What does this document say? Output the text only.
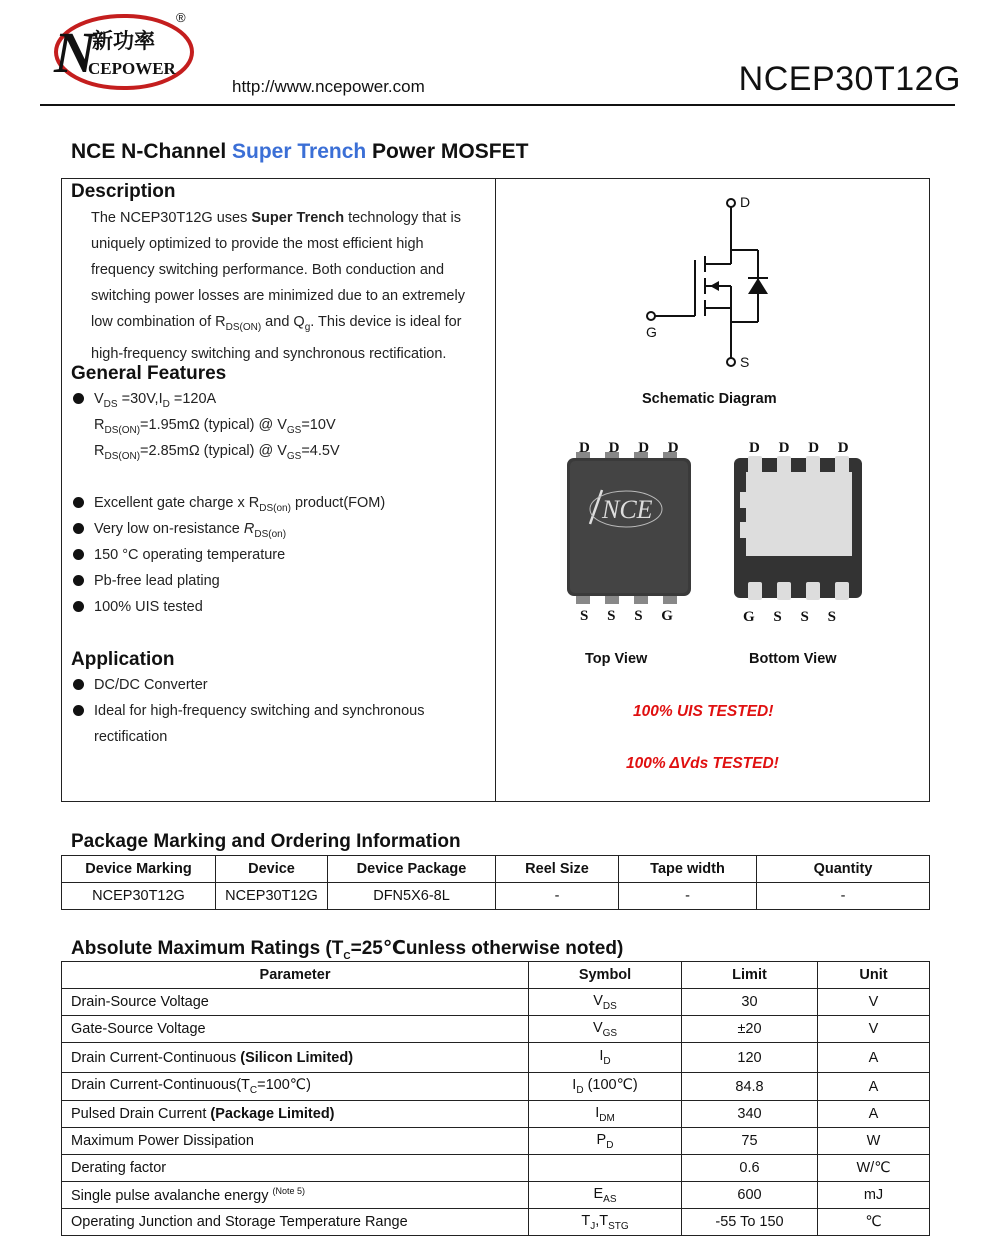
N
新功率
CEPOWER
®
http://www.ncepower.com	NCEP30T12G
NCE N-Channel Super Trench Power MOSFET
Description
The NCEP30T12G uses Super Trench technology that is
uniquely optimized to provide the most efficient high
frequency switching performance. Both conduction and
switching power losses are minimized due to an extremely
low combination of $R_{DS(ON)}$ and $Q_g$. This device is ideal for
high-frequency switching and synchronous rectification.
General Features
$V_{DS} =30V,I_D =120A$
$R_{DS(ON)}=1.95m\Omega$ (typical) @ $V_{GS}=10V$
$R_{DS(ON)}=2.85m\Omega$ (typical) @ $V_{GS}=4.5V$
Excellent gate charge x $R_{DS(on)}$ product(FOM)
Very low on-resistance $R_{DS(on)}$
150 °C operating temperature
Pb-free lead plating
100% UIS tested
Application
DC/DC Converter
Ideal for high-frequency switching and synchronous
rectification
D
G
S
Schematic Diagram
NCE
D D D D
S S S G
Top View
D D D D
G S S S
Bottom View
100% UIS TESTED!
100% ΔVds TESTED!
Package Marking and Ordering Information
Device Marking	Device	Device Package	Reel Size	Tape width	Quantity
NCEP30T12G	NCEP30T12G	DFN5X6-8L	-	-	-
Absolute Maximum Ratings ($T_C=25℃unless$ otherwise noted)
Parameter	Symbol	Limit	Unit
Drain-Source Voltage	$V_{DS}$	30	V
Gate-Source Voltage	$V_{GS}$	±20	V
Drain Current-Continuous (Silicon Limited)	$I_D$	120	A
Drain Current-$Continuous(T_C=100℃)$	$I_D$ (100℃)	84.8	A
Pulsed Drain Current (Package Limited)	$I_{DM}$	340	A
Maximum Power Dissipation	$P_D$	75	W
Derating factor		0.6	W/℃
Single pulse avalanche energy $^{(Note 5)}$	$E_{AS}$	600	mJ
Operating Junction and Storage Temperature Range	$T_J,T_{STG}$	-55 To 150	℃
